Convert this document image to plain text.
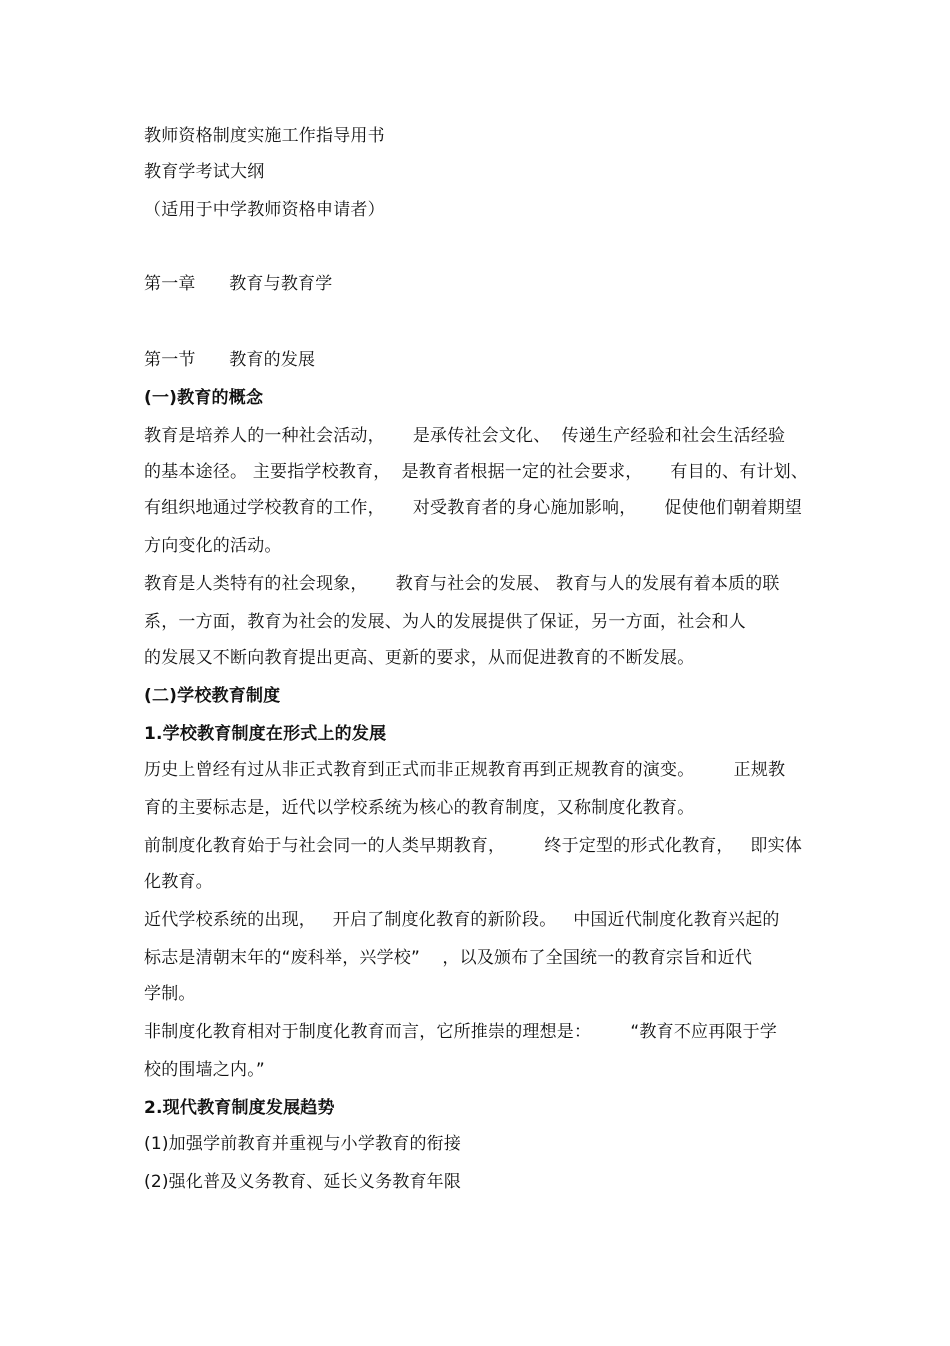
教师资格制度实施工作指导用书
教育学考试大纲
（适用于中学教师资格申请者）
第一章      教育与教育学
第一节      教育的发展
(一)教育的概念
教育是培养人的一种社会活动，     是承传社会文化、  传递生产经验和社会生活经验
的基本途径。 主要指学校教育，  是教育者根据一定的社会要求，     有目的、有计划、
有组织地通过学校教育的工作，     对受教育者的身心施加影响，     促使他们朝着期望
方向变化的活动。
教育是人类特有的社会现象，     教育与社会的发展、 教育与人的发展有着本质的联
系，一方面，教育为社会的发展、为人的发展提供了保证，另一方面，社会和人
的发展又不断向教育提出更高、更新的要求，从而促进教育的不断发展。
(二)学校教育制度
1.学校教育制度在形式上的发展
历史上曾经有过从非正式教育到正式而非正规教育再到正规教育的演变。       正规教
育的主要标志是，近代以学校系统为核心的教育制度，又称制度化教育。
前制度化教育始于与社会同一的人类早期教育，       终于定型的形式化教育，   即实体
化教育。
近代学校系统的出现，   开启了制度化教育的新阶段。   中国近代制度化教育兴起的
标志是清朝末年的“废科举，兴学校”    ，以及颁布了全国统一的教育宗旨和近代
学制。
非制度化教育相对于制度化教育而言，它所推崇的理想是：       “教育不应再限于学
校的围墙之内。”
2.现代教育制度发展趋势
(1)加强学前教育并重视与小学教育的衔接
(2)强化普及义务教育、延长义务教育年限
